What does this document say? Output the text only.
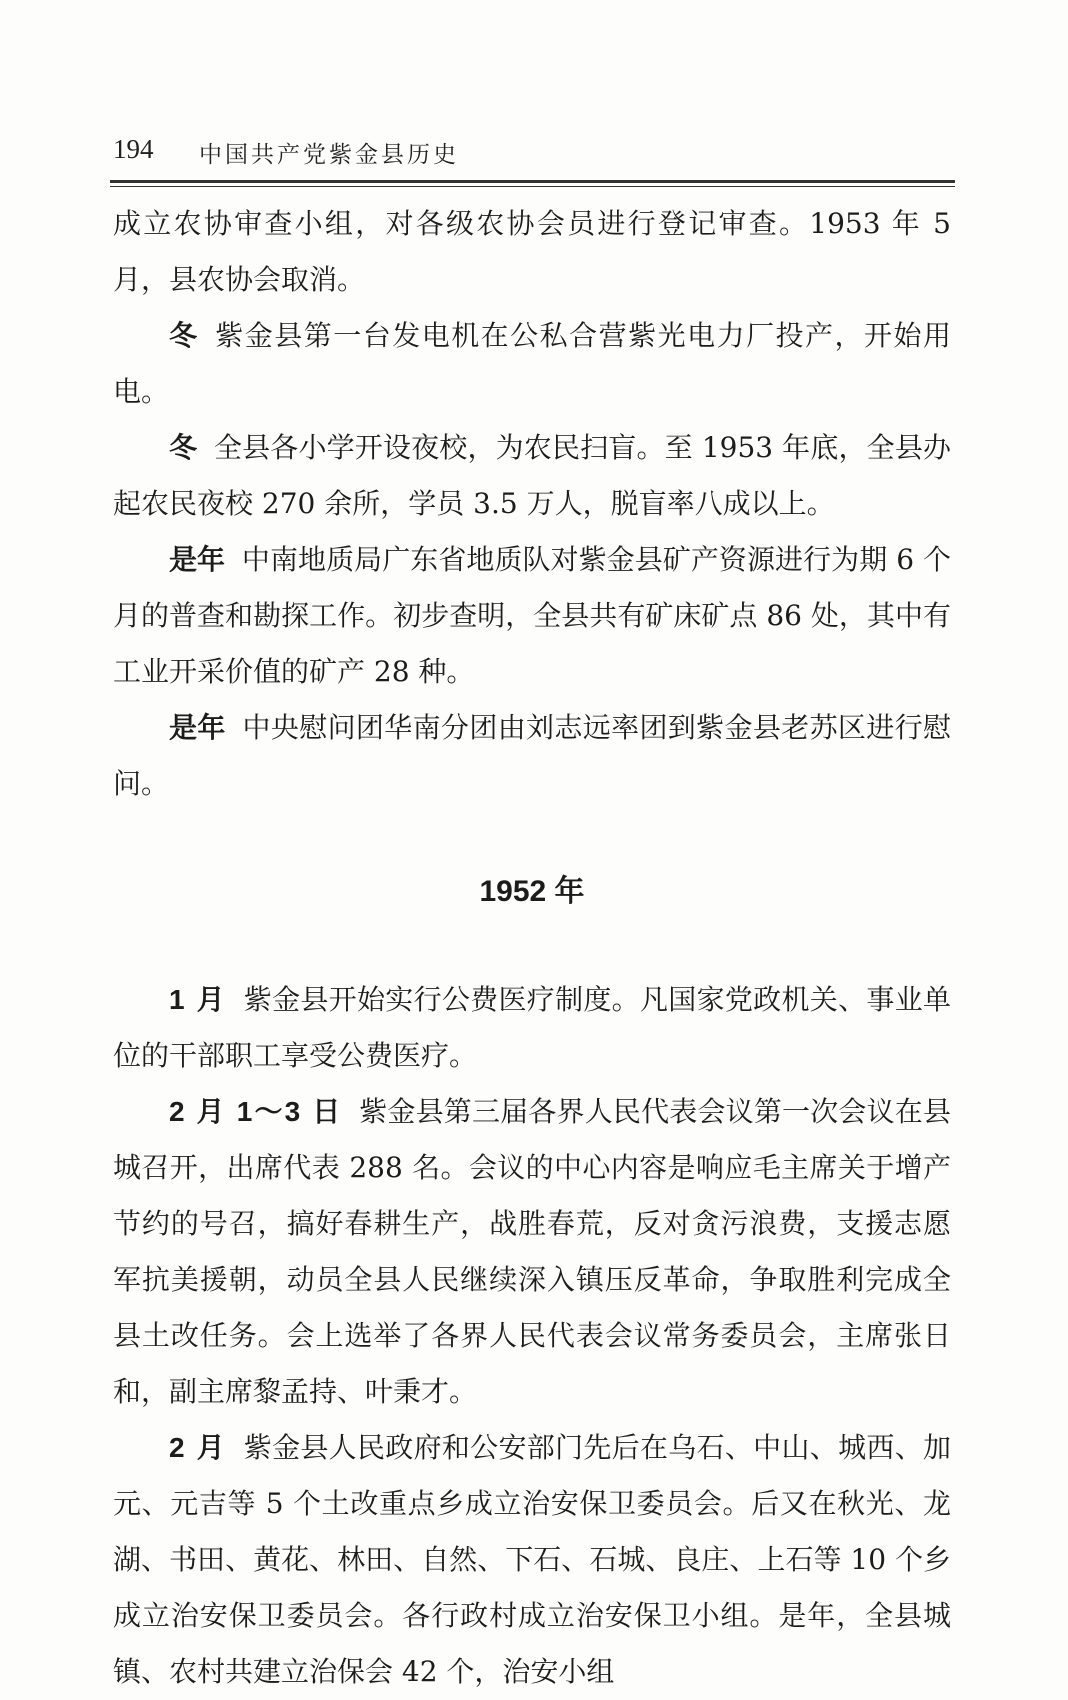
194 中国共产党紫金县历史

成立农协审查小组，对各级农协会员进行登记审查。1953 年 5 月，县农协会取消。

冬 紫金县第一台发电机在公私合营紫光电力厂投产，开始用电。

冬 全县各小学开设夜校，为农民扫盲。至 1953 年底，全县办起农民夜校 270 余所，学员 3.5 万人，脱盲率八成以上。

是年 中南地质局广东省地质队对紫金县矿产资源进行为期 6 个月的普查和勘探工作。初步查明，全县共有矿床矿点 86 处，其中有工业开采价值的矿产 28 种。

是年 中央慰问团华南分团由刘志远率团到紫金县老苏区进行慰问。

1952 年

1 月 紫金县开始实行公费医疗制度。凡国家党政机关、事业单位的干部职工享受公费医疗。

2 月 1～3 日 紫金县第三届各界人民代表会议第一次会议在县城召开，出席代表 288 名。会议的中心内容是响应毛主席关于增产节约的号召，搞好春耕生产，战胜春荒，反对贪污浪费，支援志愿军抗美援朝，动员全县人民继续深入镇压反革命，争取胜利完成全县土改任务。会上选举了各界人民代表会议常务委员会，主席张日和，副主席黎孟持、叶秉才。

2 月 紫金县人民政府和公安部门先后在乌石、中山、城西、加元、元吉等 5 个土改重点乡成立治安保卫委员会。后又在秋光、龙湖、书田、黄花、林田、自然、下石、石城、良庄、上石等 10 个乡成立治安保卫委员会。各行政村成立治安保卫小组。是年，全县城镇、农村共建立治保会 42 个，治安小组
